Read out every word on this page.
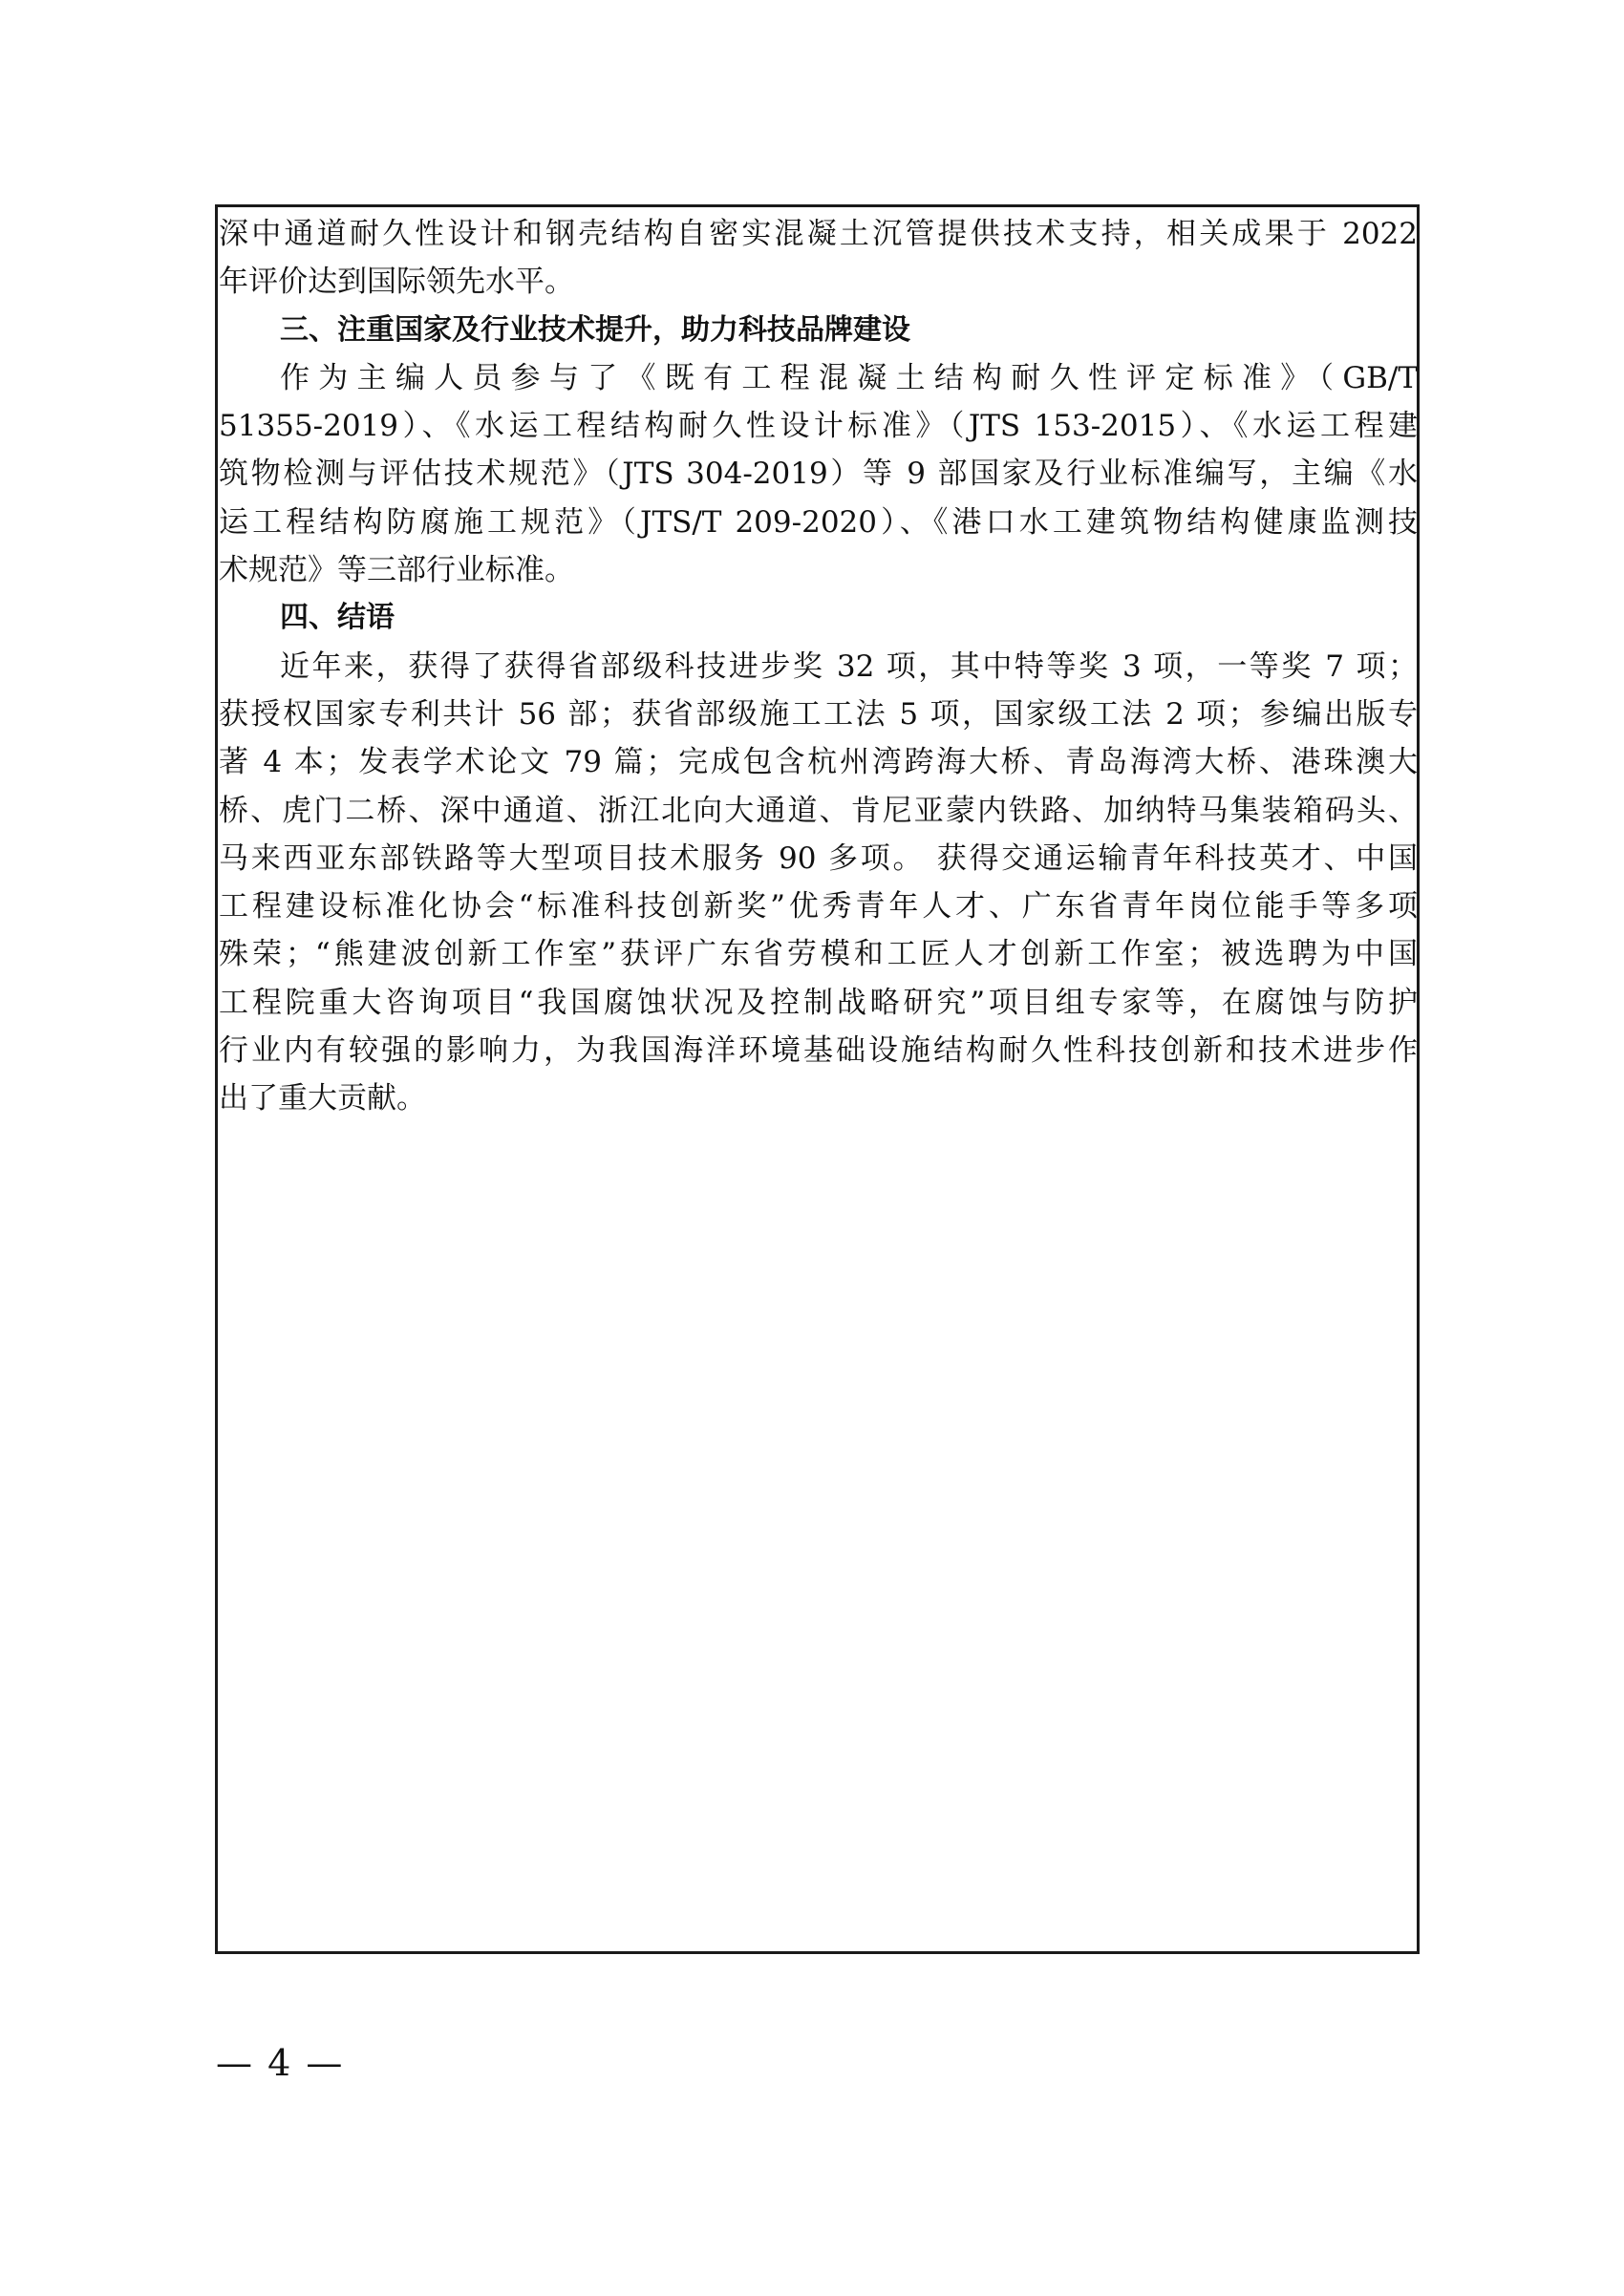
深中通道耐久性设计和钢壳结构自密实混凝土沉管提供技术支持，相关成果于 2022
年评价达到国际领先水平。
三、注重国家及行业技术提升，助力科技品牌建设
作为主编人员参与了《既有工程混凝土结构耐久性评定标准》（GB/T
51355-2019）、《水运工程结构耐久性设计标准》（JTS 153-2015）、《水运工程建
筑物检测与评估技术规范》（JTS 304-2019）等 9 部国家及行业标准编写，主编《水
运工程结构防腐施工规范》（JTS/T 209-2020）、《港口水工建筑物结构健康监测技
术规范》等三部行业标准。
四、结语
近年来，获得了获得省部级科技进步奖 32 项，其中特等奖 3 项，一等奖 7 项；
获授权国家专利共计 56 部；获省部级施工工法 5 项，国家级工法 2 项；参编出版专
著 4 本；发表学术论文 79 篇；完成包含杭州湾跨海大桥、青岛海湾大桥、港珠澳大
桥、虎门二桥、深中通道、浙江北向大通道、肯尼亚蒙内铁路、加纳特马集装箱码头、
马来西亚东部铁路等大型项目技术服务 90 多项。 获得交通运输青年科技英才、中国
工程建设标准化协会“标准科技创新奖”优秀青年人才、广东省青年岗位能手等多项
殊荣；“熊建波创新工作室”获评广东省劳模和工匠人才创新工作室；被选聘为中国
工程院重大咨询项目“我国腐蚀状况及控制战略研究”项目组专家等，在腐蚀与防护
行业内有较强的影响力，为我国海洋环境基础设施结构耐久性科技创新和技术进步作
出了重大贡献。
— 4 —
